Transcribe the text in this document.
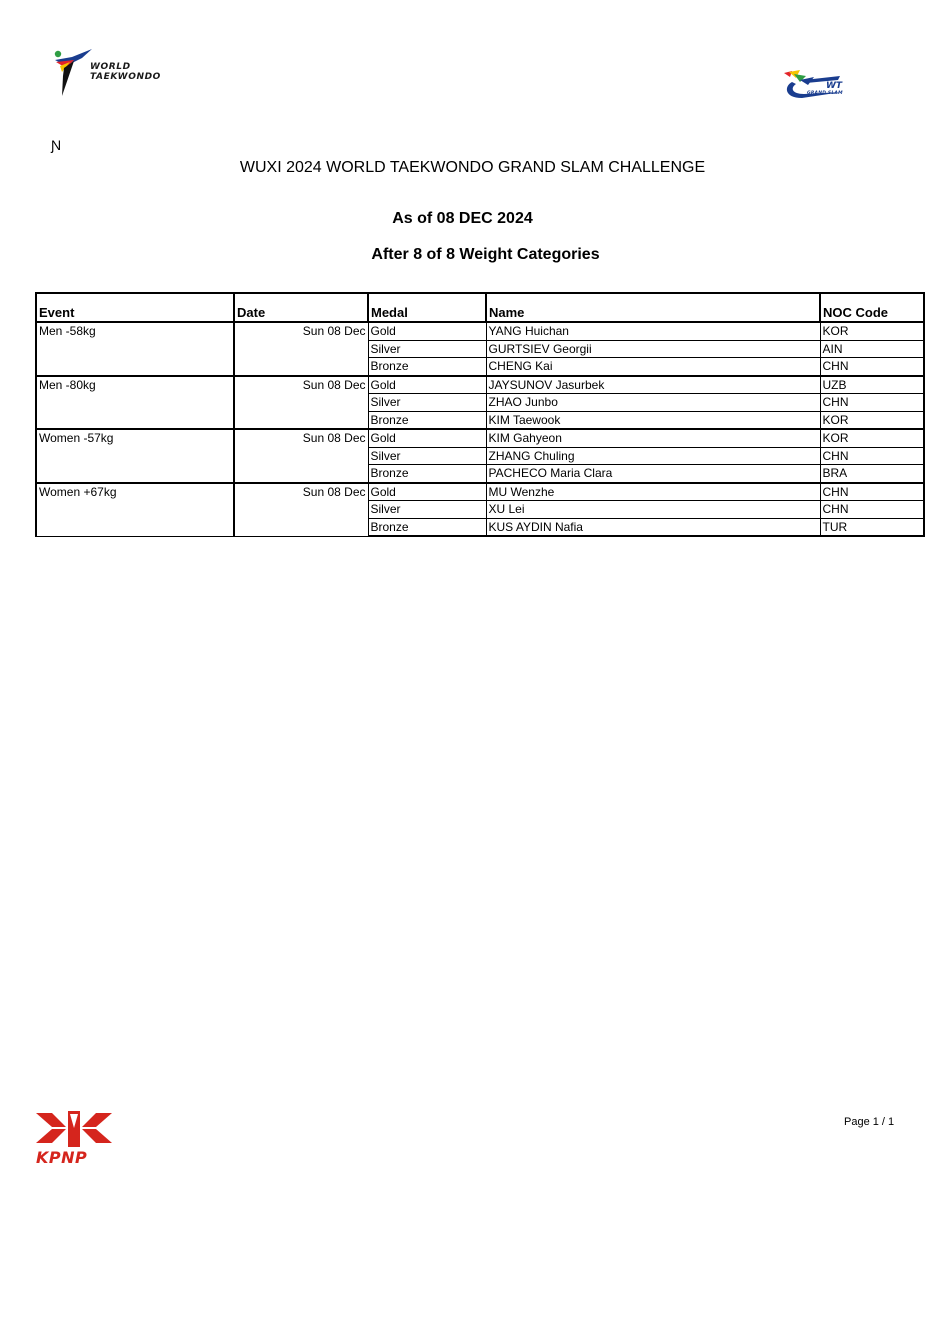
WORLD
TAEKWONDO
WT
GRAND SLAM
Ɲ
WUXI 2024 WORLD TAEKWONDO GRAND SLAM CHALLENGE
As of 08 DEC 2024
After 8 of 8 Weight Categories
Event	Date	Medal	Name	NOC Code
Men -58kg	Sun 08 Dec	Gold	YANG Huichan	KOR
		Silver	GURTSIEV Georgii	AIN
		Bronze	CHENG Kai	CHN
Men -80kg	Sun 08 Dec	Gold	JAYSUNOV Jasurbek	UZB
		Silver	ZHAO Junbo	CHN
		Bronze	KIM Taewook	KOR
Women -57kg	Sun 08 Dec	Gold	KIM Gahyeon	KOR
		Silver	ZHANG Chuling	CHN
		Bronze	PACHECO Maria Clara	BRA
Women +67kg	Sun 08 Dec	Gold	MU Wenzhe	CHN
		Silver	XU Lei	CHN
		Bronze	KUS AYDIN Nafia	TUR
KPNP
Page 1 / 1
